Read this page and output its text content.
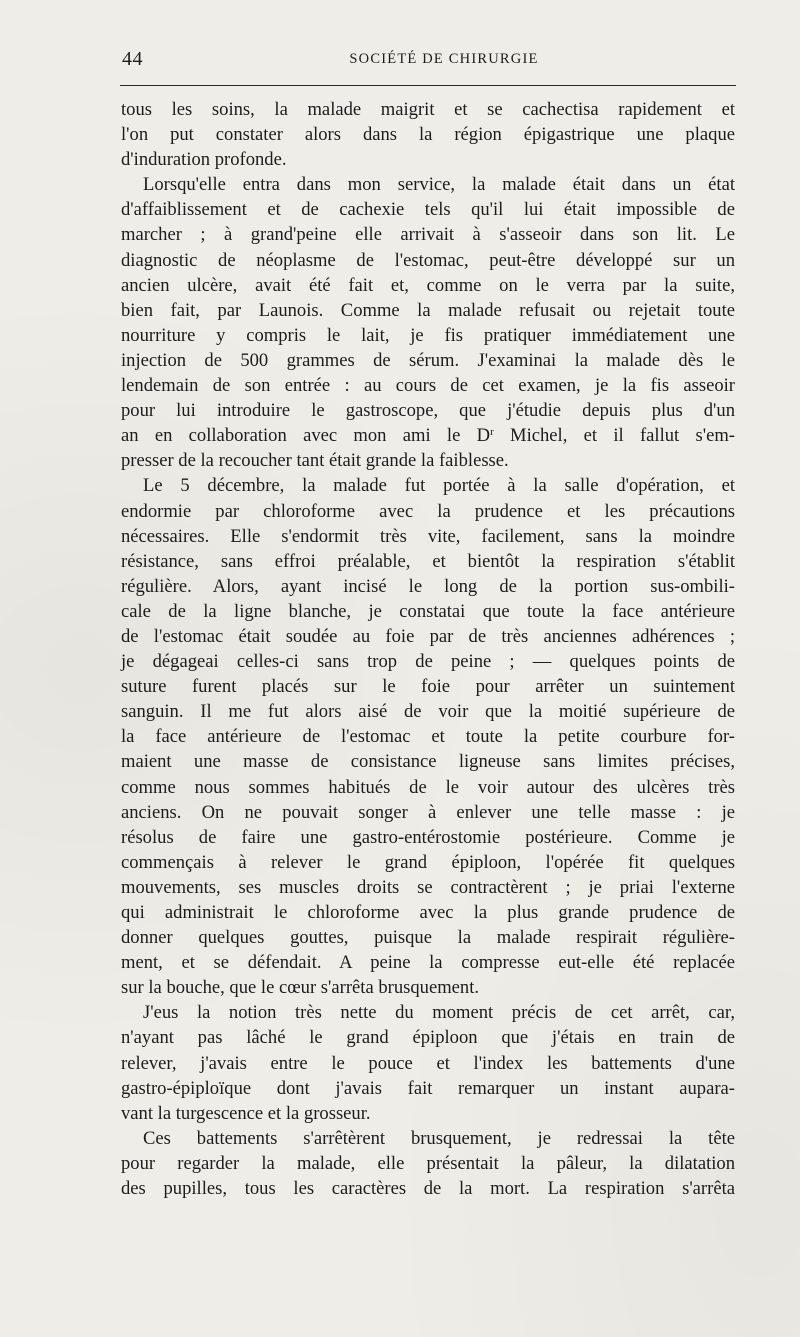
44	SOCIÉTÉ DE CHIRURGIE

tous les soins, la malade maigrit et se cachectisa rapidement et
l'on put constater alors dans la région épigastrique une plaque
d'induration profonde.

Lorsqu'elle entra dans mon service, la malade était dans un état
d'affaiblissement et de cachexie tels qu'il lui était impossible de
marcher ; à grand'peine elle arrivait à s'asseoir dans son lit. Le
diagnostic de néoplasme de l'estomac, peut-être développé sur un
ancien ulcère, avait été fait et, comme on le verra par la suite,
bien fait, par Launois. Comme la malade refusait ou rejetait toute
nourriture y compris le lait, je fis pratiquer immédiatement une
injection de 500 grammes de sérum. J'examinai la malade dès le
lendemain de son entrée : au cours de cet examen, je la fis asseoir
pour lui introduire le gastroscope, que j'étudie depuis plus d'un
an en collaboration avec mon ami le $D^r$ Michel, et il fallut s'em-
presser de la recoucher tant était grande la faiblesse.

Le 5 décembre, la malade fut portée à la salle d'opération, et
endormie par chloroforme avec la prudence et les précautions
nécessaires. Elle s'endormit très vite, facilement, sans la moindre
résistance, sans effroi préalable, et bientôt la respiration s'établit
régulière. Alors, ayant incisé le long de la portion sus-ombili-
cale de la ligne blanche, je constatai que toute la face antérieure
de l'estomac était soudée au foie par de très anciennes adhérences ;
je dégageai celles-ci sans trop de peine ; — quelques points de
suture furent placés sur le foie pour arrêter un suintement
sanguin. Il me fut alors aisé de voir que la moitié supérieure de
la face antérieure de l'estomac et toute la petite courbure for-
maient une masse de consistance ligneuse sans limites précises,
comme nous sommes habitués de le voir autour des ulcères très
anciens. On ne pouvait songer à enlever une telle masse : je
résolus de faire une gastro-entérostomie postérieure. Comme je
commençais à relever le grand épiploon, l'opérée fit quelques
mouvements, ses muscles droits se contractèrent ; je priai l'externe
qui administrait le chloroforme avec la plus grande prudence de
donner quelques gouttes, puisque la malade respirait régulière-
ment, et se défendait. A peine la compresse eut-elle été replacée
sur la bouche, que le cœur s'arrêta brusquement.

J'eus la notion très nette du moment précis de cet arrêt, car,
n'ayant pas lâché le grand épiploon que j'étais en train de
relever, j'avais entre le pouce et l'index les battements d'une
gastro-épiploïque dont j'avais fait remarquer un instant aupara-
vant la turgescence et la grosseur.

Ces battements s'arrêtèrent brusquement, je redressai la tête
pour regarder la malade, elle présentait la pâleur, la dilatation
des pupilles, tous les caractères de la mort. La respiration s'arrêta
